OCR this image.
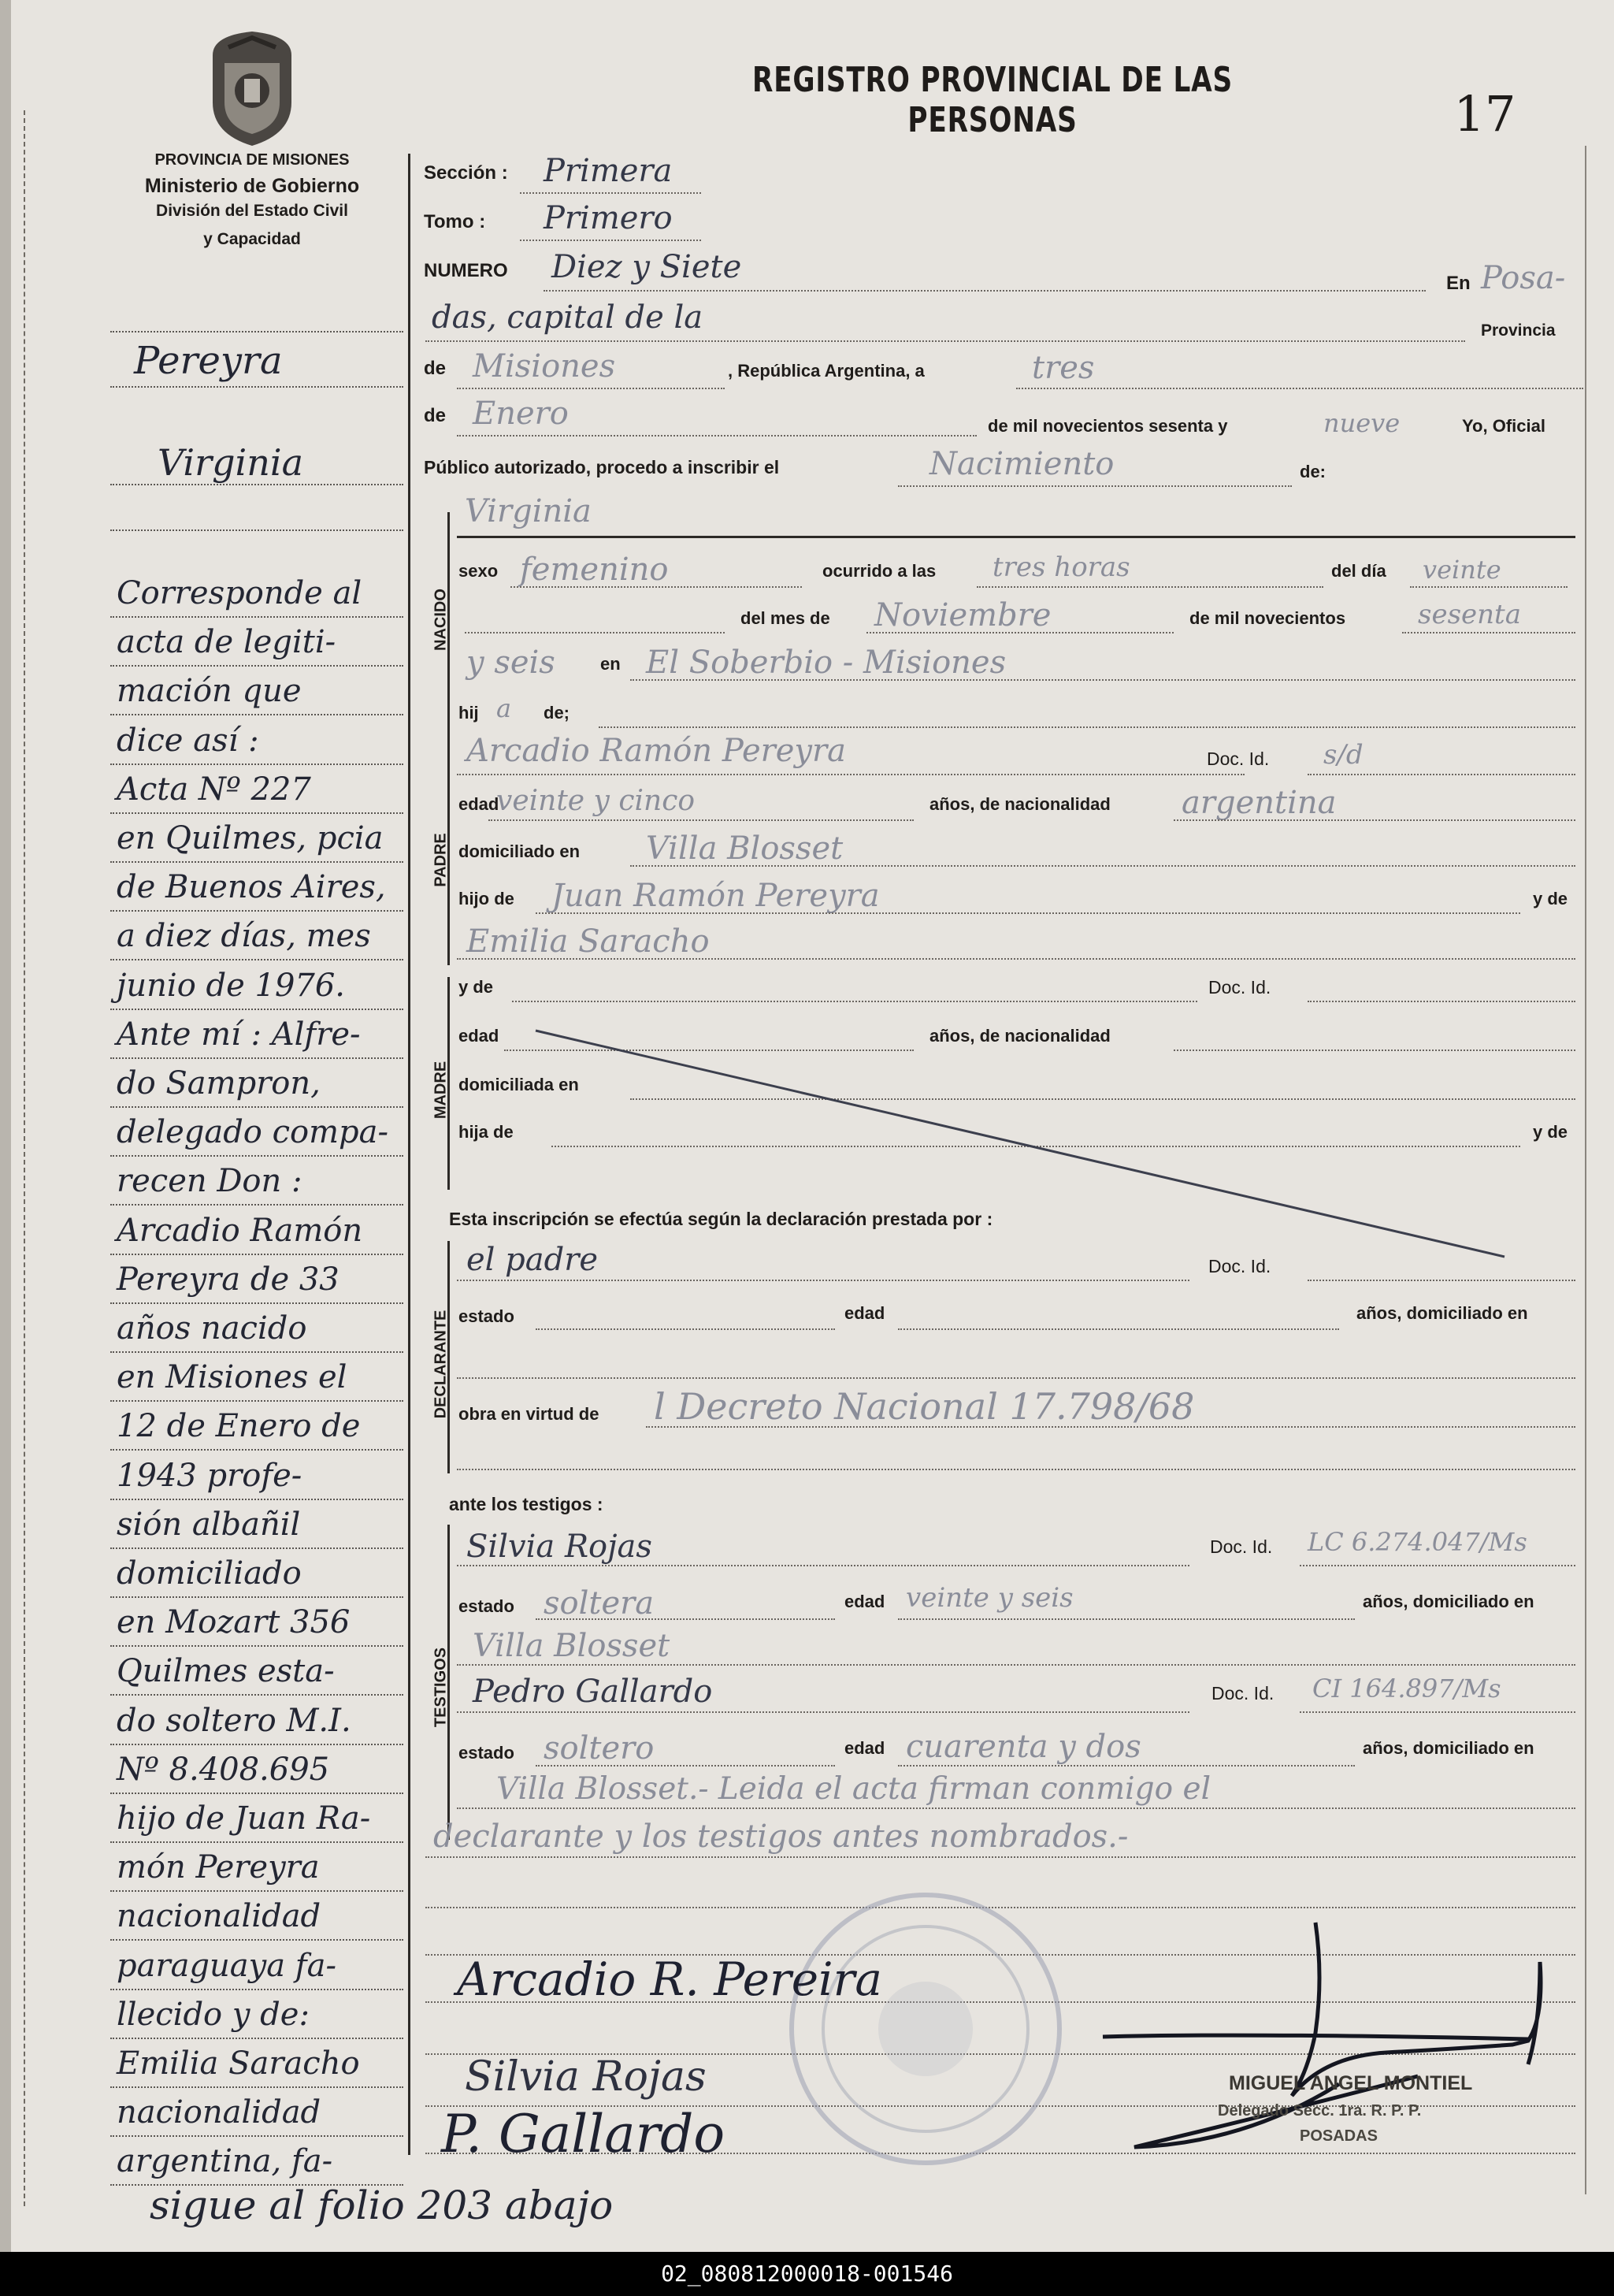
PROVINCIA DE MISIONES
Ministerio de Gobierno
División del Estado Civil
y Capacidad
REGISTRO PROVINCIAL DE LAS PERSONAS	17
NACIDO
PADRE
MADRE
DECLARANTE
TESTIGOS
Pereyra
Virginia
Corresponde al
acta de legiti-
mación que
dice así :
Acta Nº 227
en Quilmes, pcia
de Buenos Aires,
a diez días, mes
junio de 1976.
Ante mí : Alfre-
do Sampron,
delegado compa-
recen Don :
Arcadio Ramón
Pereyra de 33
años nacido
en Misiones el
12 de Enero de
1943 profe-
sión albañil
domiciliado
en Mozart 356
Quilmes esta-
do soltero M.I.
Nº 8.408.695
hijo de Juan Ra-
món Pereyra
nacionalidad
paraguaya fa-
llecido y de:
Emilia Saracho
nacionalidad
argentina, fa-
sigue al folio 203 abajo
Sección : Primera
Tomo : Primero
NUMERO Diez y Siete	En Posa-
das, capital de la	Provincia
de Misiones	, República Argentina, a	tres
de Enero	de mil novecientos sesenta y	nueve	Yo, Oficial
Público autorizado, procedo a inscribir el	Nacimiento	de:
Virginia
sexo femenino	ocurrido a las tres horas	del día veinte
del mes de Noviembre	de mil novecientos	sesenta
y seis	en El Soberbio - Misiones
hij a de;
Arcadio Ramón Pereyra	Doc. Id. s/d
edad
veinte y cinco	años, de nacionalidad argentina
domiciliado en Villa Blosset
hijo de Juan Ramón Pereyra	y de
Emilia Saracho
y de	Doc. Id.
edad	años, de nacionalidad
domiciliada en
hija de	y de
Esta inscripción se efectúa según la declaración prestada por :
el padre	Doc. Id.
estado	edad	años, domiciliado en
obra en virtud de l Decreto Nacional 17.798/68
ante los testigos :
Silvia Rojas	Doc. Id. LC 6.274.047/Ms
estado soltera	edad veinte y seis	años, domiciliado en
Villa Blosset
Pedro Gallardo	Doc. Id. CI 164.897/Ms
estado soltero	edad cuarenta y dos	años, domiciliado en
Villa Blosset.- Leida el acta firman conmigo el
declarante y los testigos antes nombrados.-
Arcadio R. Pereira
Silvia Rojas
P. Gallardo
MIGUEL ANGEL MONTIEL
Delegado Secc. 1ra. R. P. P.
POSADAS
02_080812000018-001546
